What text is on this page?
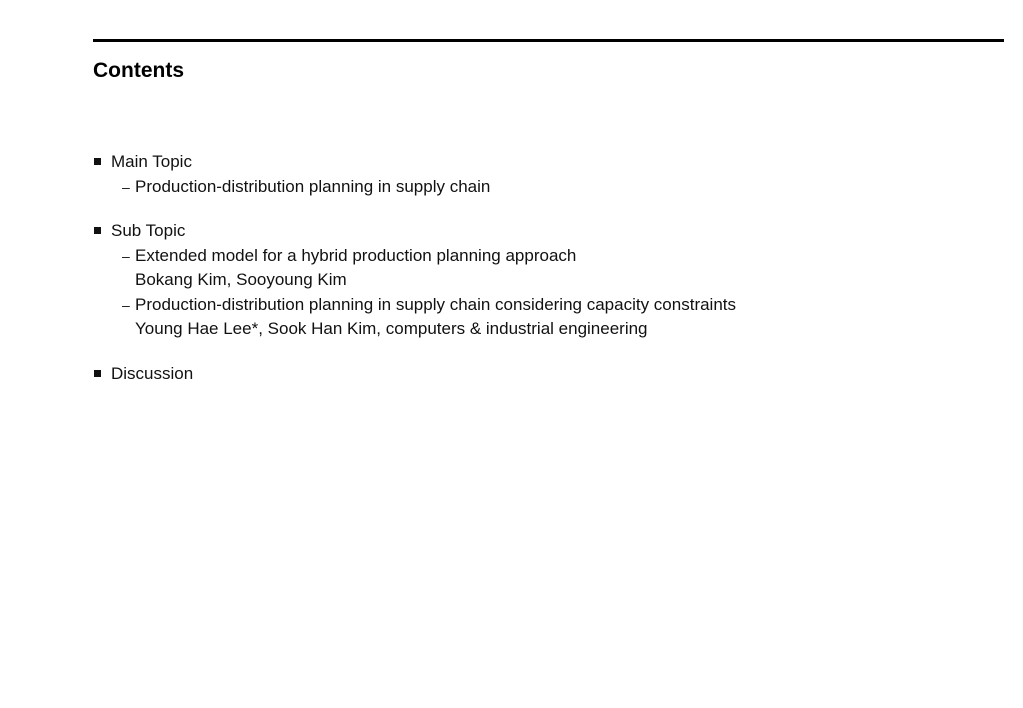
Contents
Main Topic
– Production-distribution planning in supply chain
Sub Topic
– Extended model for a hybrid production planning approach
Bokang Kim, Sooyoung Kim
– Production-distribution planning in supply chain considering capacity constraints
Young Hae Lee*, Sook Han Kim, computers & industrial engineering
Discussion
